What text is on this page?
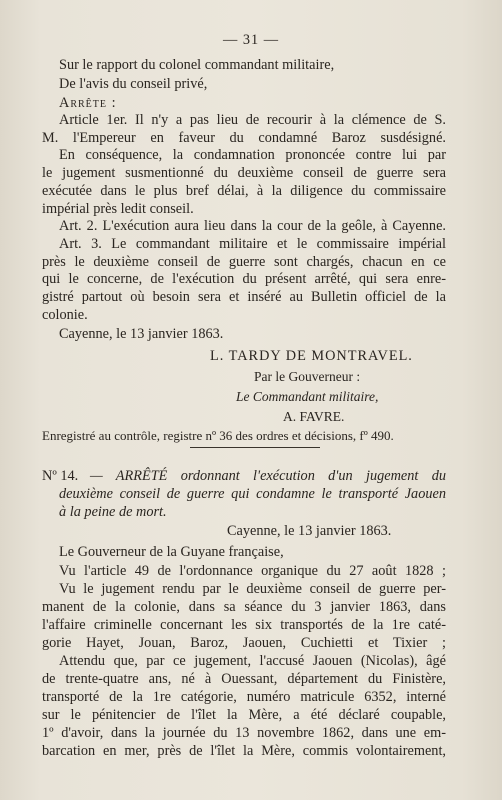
— 31 —
Sur le rapport du colonel commandant militaire,
De l'avis du conseil privé,
Arrête :
Article 1er. Il n'y a pas lieu de recourir à la clémence de S.
M. l'Empereur en faveur du condamné Baroz susdésigné.
En conséquence, la condamnation prononcée contre lui par
le jugement susmentionné du deuxième conseil de guerre sera
exécutée dans le plus bref délai, à la diligence du commissaire
impérial près ledit conseil.
Art. 2. L'exécution aura lieu dans la cour de la geôle, à Cayenne.
Art. 3. Le commandant militaire et le commissaire impérial
près le deuxième conseil de guerre sont chargés, chacun en ce
qui le concerne, de l'exécution du présent arrêté, qui sera enre-
gistré partout où besoin sera et inséré au Bulletin officiel de la
colonie.
Cayenne, le 13 janvier 1863.
L. TARDY DE MONTRAVEL.
Par le Gouverneur :
Le Commandant militaire,
A. FAVRE.
Enregistré au contrôle, registre nº 36 des ordres et décisions, fº 490.
Nº 14. — ARRÊTÉ ordonnant l'exécution d'un jugement du
deuxième conseil de guerre qui condamne le transporté Jaouen
à la peine de mort.
Cayenne, le 13 janvier 1863.
Le Gouverneur de la Guyane française,
Vu l'article 49 de l'ordonnance organique du 27 août 1828 ;
Vu le jugement rendu par le deuxième conseil de guerre per-
manent de la colonie, dans sa séance du 3 janvier 1863, dans
l'affaire criminelle concernant les six transportés de la 1re caté-
gorie Hayet, Jouan, Baroz, Jaouen, Cuchietti et Tixier ;
Attendu que, par ce jugement, l'accusé Jaouen (Nicolas), âgé
de trente-quatre ans, né à Ouessant, département du Finistère,
transporté de la 1re catégorie, numéro matricule 6352, interné
sur le pénitencier de l'îlet la Mère, a été déclaré coupable,
1º d'avoir, dans la journée du 13 novembre 1862, dans une em-
barcation en mer, près de l'îlet la Mère, commis volontairement,
